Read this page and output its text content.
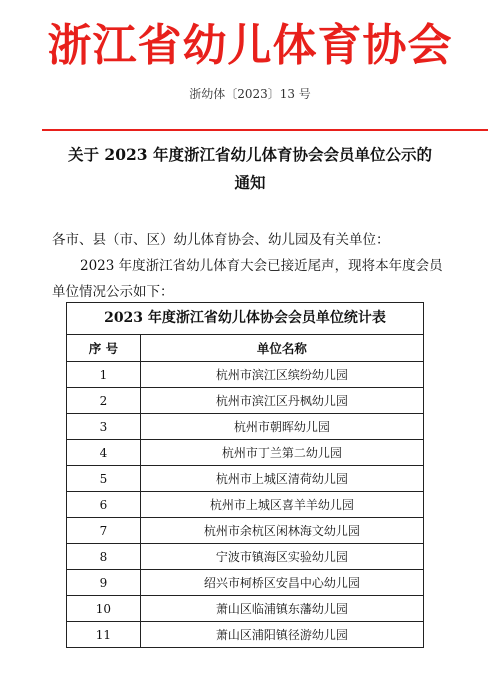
浙江省幼儿体育协会
浙幼体〔2023〕13 号
关于 2023 年度浙江省幼儿体育协会会员单位公示的
通知
各市、县（市、区）幼儿体育协会、幼儿园及有关单位：
2023 年度浙江省幼儿体育大会已接近尾声，现将本年度会员单位情况公示如下：
2023 年度浙江省幼儿体协会会员单位统计表
序 号	单位名称
1	杭州市滨江区缤纷幼儿园
2	杭州市滨江区丹枫幼儿园
3	杭州市朝晖幼儿园
4	杭州市丁兰第二幼儿园
5	杭州市上城区清荷幼儿园
6	杭州市上城区喜羊羊幼儿园
7	杭州市余杭区闲林海文幼儿园
8	宁波市镇海区实验幼儿园
9	绍兴市柯桥区安昌中心幼儿园
10	萧山区临浦镇东藩幼儿园
11	萧山区浦阳镇径游幼儿园
